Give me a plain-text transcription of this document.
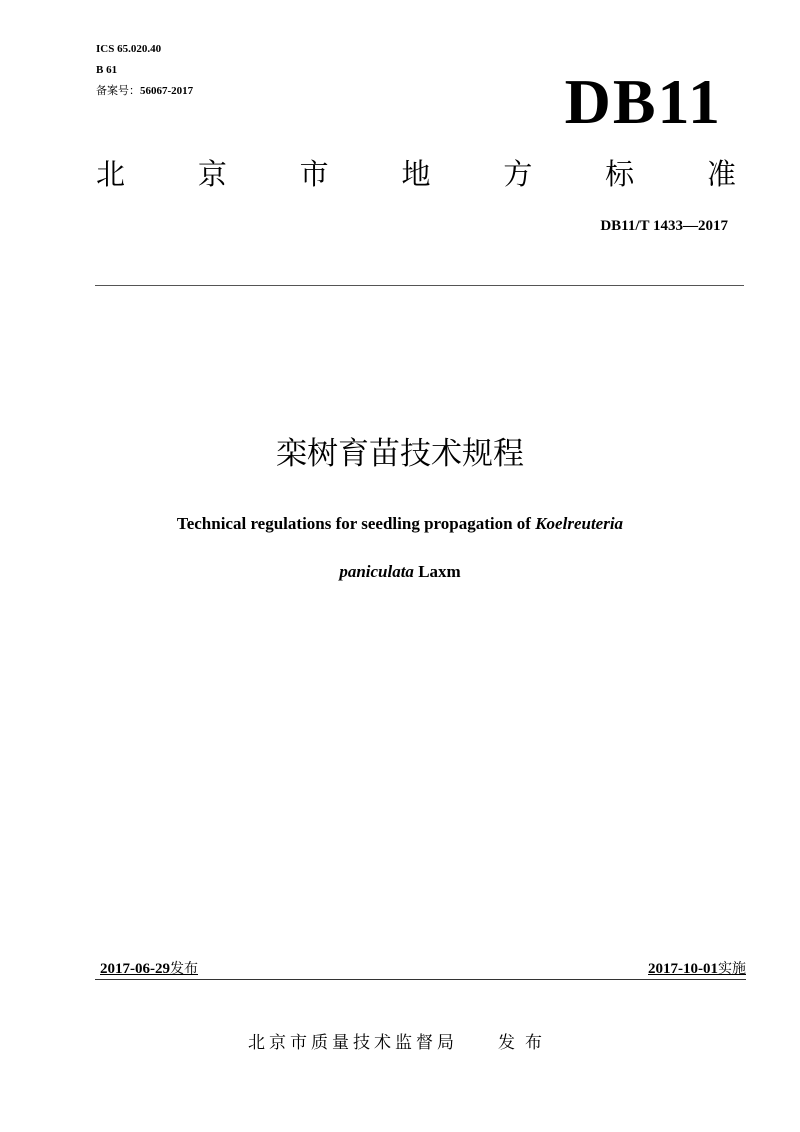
ICS 65.020.40
B 61
备案号：56067-2017	DB11
北	京	市	地	方	标	准
DB11/T 1433—2017
栾树育苗技术规程
Technical regulations for seedling propagation of Koelreuteria
paniculata Laxm
2017-06-29发布	2017-10-01实施
北京市质量技术监督局 发布
